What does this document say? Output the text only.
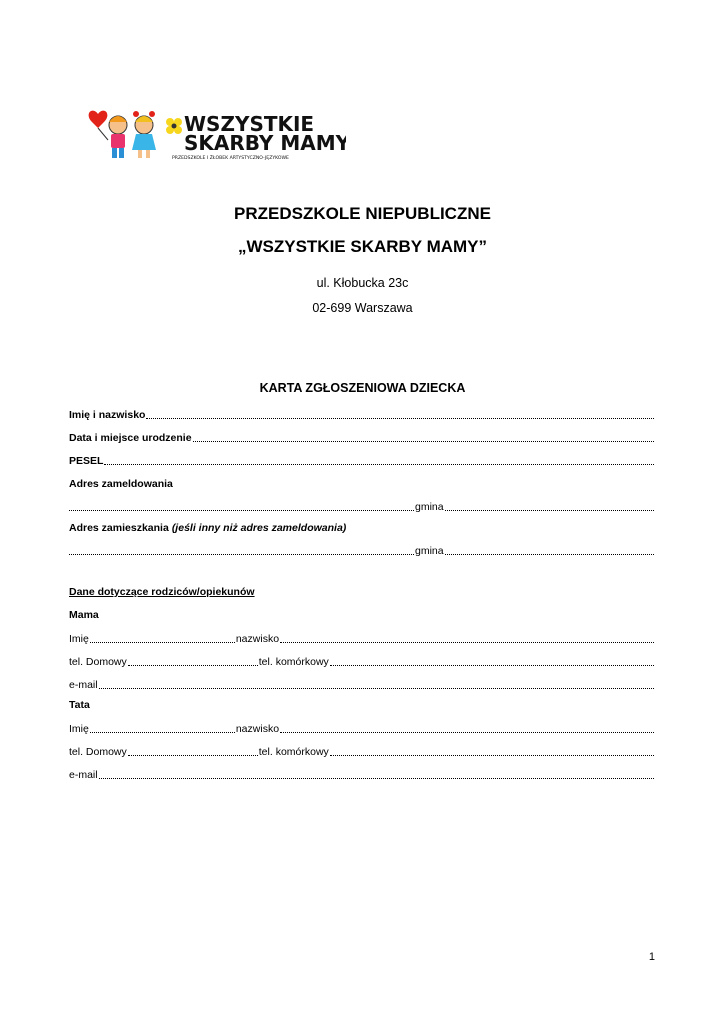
WSZYSTKIE
SKARBY MAMY
PRZEDSZKOLE I ŻŁOBEK ARTYSTYCZNO-JĘZYKOWE
PRZEDSZKOLE NIEPUBLICZNE
„WSZYSTKIE SKARBY MAMY”
ul. Kłobucka 23c
02-699 Warszawa
KARTA ZGŁOSZENIOWA DZIECKA
Imię i nazwisko
Data i miejsce urodzenie
PESEL
Adres zameldowania
gmina
Adres zamieszkania (jeśli inny niż adres zameldowania)
gmina
Dane dotyczące rodziców/opiekunów
Mama
Imię	nazwisko
tel. Domowy	tel. komórkowy
e-mail
Tata
Imię	nazwisko
tel. Domowy	tel. komórkowy
e-mail
1
